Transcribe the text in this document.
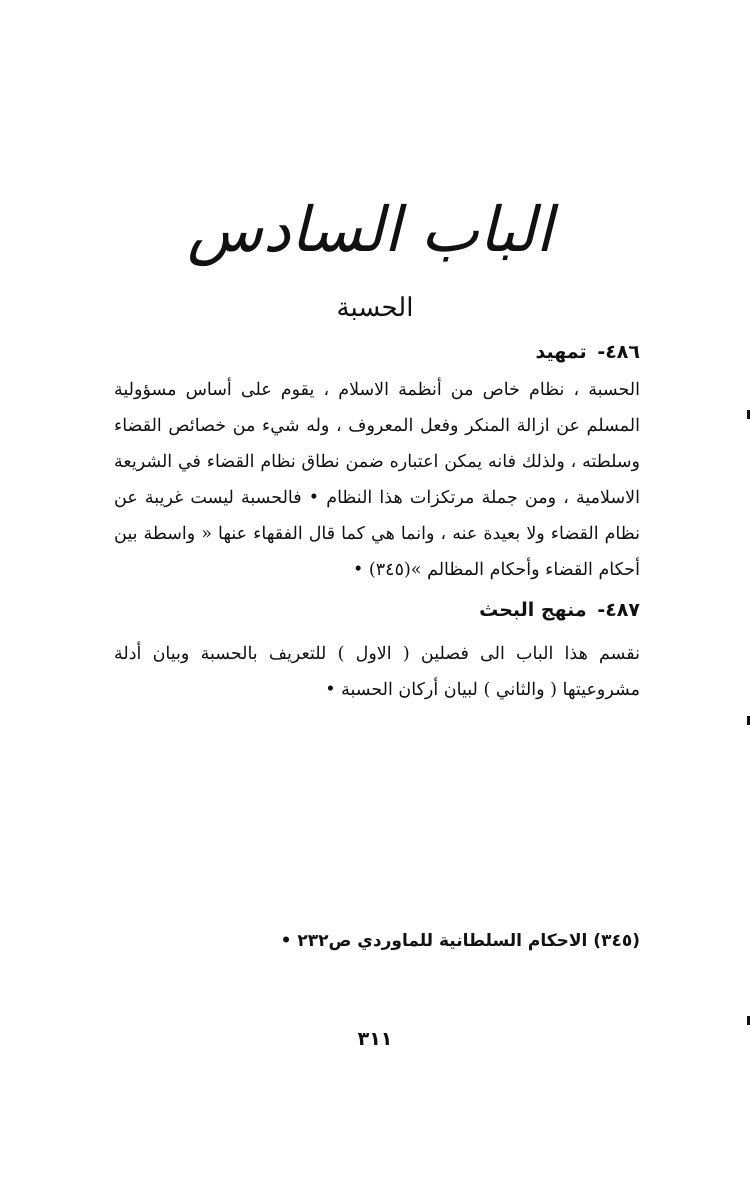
الباب السادس
الحسبة
٤٨٦- تمهيد
الحسبة ، نظام خاص من أنظمة الاسلام ، يقوم على أساس مسؤولية المسلم عن ازالة المنكر وفعل المعروف ، وله شيء من خصائص القضاء وسلطته ، ولذلك فانه يمكن اعتباره ضمن نطاق نظام القضاء في الشريعة الاسلامية ، ومن جملة مرتكزات هذا النظام • فالحسبة ليست غريبة عن نظام القضاء ولا بعيدة عنه ، وانما هي كما قال الفقهاء عنها « واسطة بين أحكام القضاء وأحكام المظالم »(٣٤٥) •
٤٨٧- منهج البحث
نقسم هذا الباب الى فصلين ( الاول ) للتعريف بالحسبة وبيان أدلة مشروعيتها ( والثاني ) لبيان أركان الحسبة •
(٣٤٥) الاحكام السلطانية للماوردي ص٢٣٢ •
٣١١
